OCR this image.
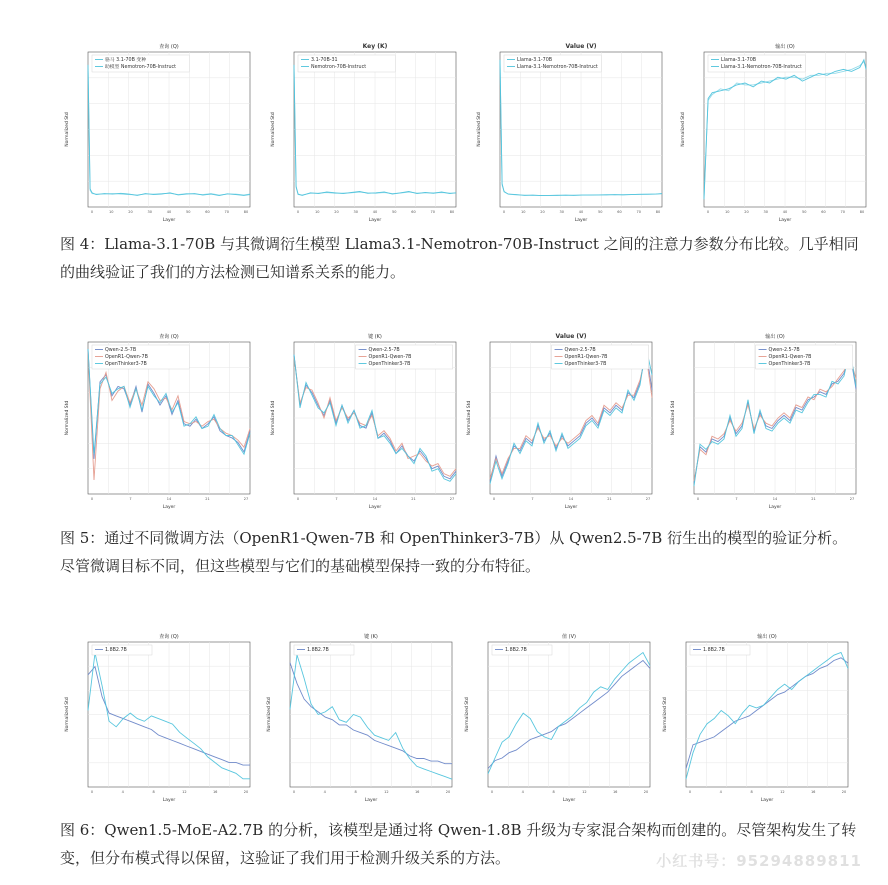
查询 (Q)
Layer
Normalized Std
0	10	20	30	40	50	60	70	80
骆马 3.1-70B 变种
助模型 Nemotron-70B-Instruct
Key (K)
Layer
Normalized Std
0	10	20	30	40	50	60	70	80
3.1-70B-31
Nemotron-70B-Instruct
Value (V)
Layer
Normalized Std
0	10	20	30	40	50	60	70	80
Llama-3.1-70B
Llama-3.1-Nemotron-70B-Instruct
输出 (O)
Layer
Normalized Std
0	10	20	30	40	50	60	70	80
Llama-3.1-70B
Llama-3.1-Nemotron-70B-Instruct

图 4：Llama-3.1-70B 与其微调衍生模型 Llama3.1-Nemotron-70B-Instruct 之间的注意力参数分布比较。几乎相同的曲线验证了我们的方法检测已知谱系关系的能力。

查询 (Q)
Layer
Normalized Std
0	7	14	21	27
Qwen-2.5-7B
OpenR1-Qwen-7B
OpenThinker3-7B
键 (K)
Layer
Normalized Std
0	7	14	21	27
Qwen-2.5-7B
OpenR1-Qwen-7B
OpenThinker3-7B
Value (V)
Layer
Normalized Std
0	7	14	21	27
Qwen-2.5-7B
OpenR1-Qwen-7B
OpenThinker3-7B
输出 (O)
Layer
Normalized Std
0	7	14	21	27
Qwen-2.5-7B
OpenR1-Qwen-7B
OpenThinker3-7B

图 5：通过不同微调方法（OpenR1-Qwen-7B 和 OpenThinker3-7B）从 Qwen2.5-7B 衍生出的模型的验证分析。尽管微调目标不同，但这些模型与它们的基础模型保持一致的分布特征。

查询 (Q)
Layer
Normalized Std
0	4	8	12	16	20
1.8B2.7B
键 (K)
Layer
Normalized Std
0	4	8	12	16	20
1.8B2.7B
值 (V)
Layer
Normalized Std
0	4	8	12	16	20
1.8B2.7B
输出 (O)
Layer
Normalized Std
0	4	8	12	16	20
1.8B2.7B

图 6：Qwen1.5-MoE-A2.7B 的分析，该模型是通过将 Qwen-1.8B 升级为专家混合架构而创建的。尽管架构发生了转变，但分布模式得以保留，这验证了我们用于检测升级关系的方法。	小红书号：95294889811
